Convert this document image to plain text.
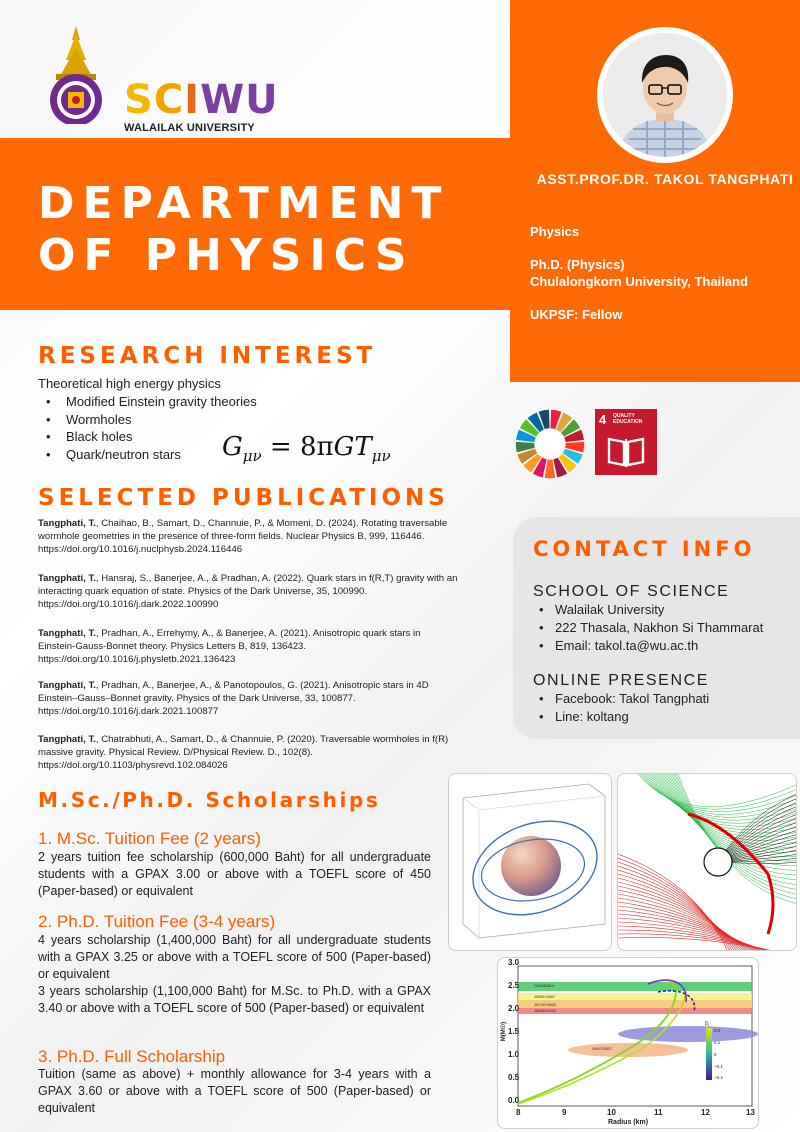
SCIWU
WALAILAK UNIVERSITY
DEPARTMENT
OF PHYSICS
ASST.PROF.DR. TAKOL TANGPHATI
Physics
Ph.D. (Physics)
Chulalongkorn University, Thailand
UKPSF: Fellow
RESEARCH INTEREST
Theoretical high energy physics
• Modified Einstein gravity theories
• Wormholes
• Black holes
• Quark/neutron stars	$G_{\mu\nu} = 8\pi GT_{\mu\nu}$
4 QUALITY
EDUCATION
SELECTED PUBLICATIONS
Tangphati, T., Chaihao, B., Samart, D., Channuie, P., & Momeni, D. (2024). Rotating traversable wormhole geometries in the presence of three-form fields. Nuclear Physics B, 999, 116446. https://doi.org/10.1016/j.nuclphysb.2024.116446
Tangphati, T., Hansraj, S., Banerjee, A., & Pradhan, A. (2022). Quark stars in f(R,T) gravity with an interacting quark equation of state. Physics of the Dark Universe, 35, 100990. https://doi.org/10.1016/j.dark.2022.100990
Tangphati, T., Pradhan, A., Errehymy, A., & Banerjee, A. (2021). Anisotropic quark stars in Einstein-Gauss-Bonnet theory. Physics Letters B, 819, 136423. https://doi.org/10.1016/j.physletb.2021.136423
Tangphati, T., Pradhan, A., Banerjee, A., & Panotopoulos, G. (2021). Anisotropic stars in 4D Einstein–Gauss–Bonnet gravity. Physics of the Dark Universe, 33, 100877. https://doi.org/10.1016/j.dark.2021.100877
Tangphati, T., Chatrabhuti, A., Samart, D., & Channuie, P. (2020). Traversable wormholes in f(R) massive gravity. Physical Review. D/Physical Review. D., 102(8). https://doi.org/10.1103/physrevd.102.084026
CONTACT INFO
SCHOOL OF SCIENCE
• Walailak University
• 222 Thasala, Nakhon Si Thammarat
• Email: takol.ta@wu.ac.th
ONLINE PRESENCE
• Facebook: Takol Tangphati
• Line: koltang
M.Sc./Ph.D. Scholarships
1. M.Sc. Tuition Fee (2 years)
2 years tuition fee scholarship (600,000 Baht) for all undergraduate students with a GPAX 3.00 or above with a TOEFL score of 450 (Paper-based) or equivalent
2. Ph.D. Tuition Fee (3-4 years)
4 years scholarship (1,400,000 Baht) for all undergraduate students with a GPAX 3.25 or above with a TOEFL score of 500 (Paper-based) or equivalent
3 years scholarship (1,100,000 Baht) for M.Sc. to Ph.D. with a GPAX 3.40 or above with a TOEFL score of 500 (Paper-based) or equivalent
3. Ph.D. Full Scholarship
Tuition (same as above) + monthly allowance for 3-4 years with a GPAX 3.60 or above with a TOEFL score of 500 (Paper-based) or equivalent
3.0
2.5
2.0
1.5
1.0
0.5
0.0
8	9	10	11	12	13
Radius (km)
M(M☉)
GW190814
J0952-0607
J0740+6620
J0348+0432
GW170817
β₁
0.2
0.1
0
−0.1
−0.2
